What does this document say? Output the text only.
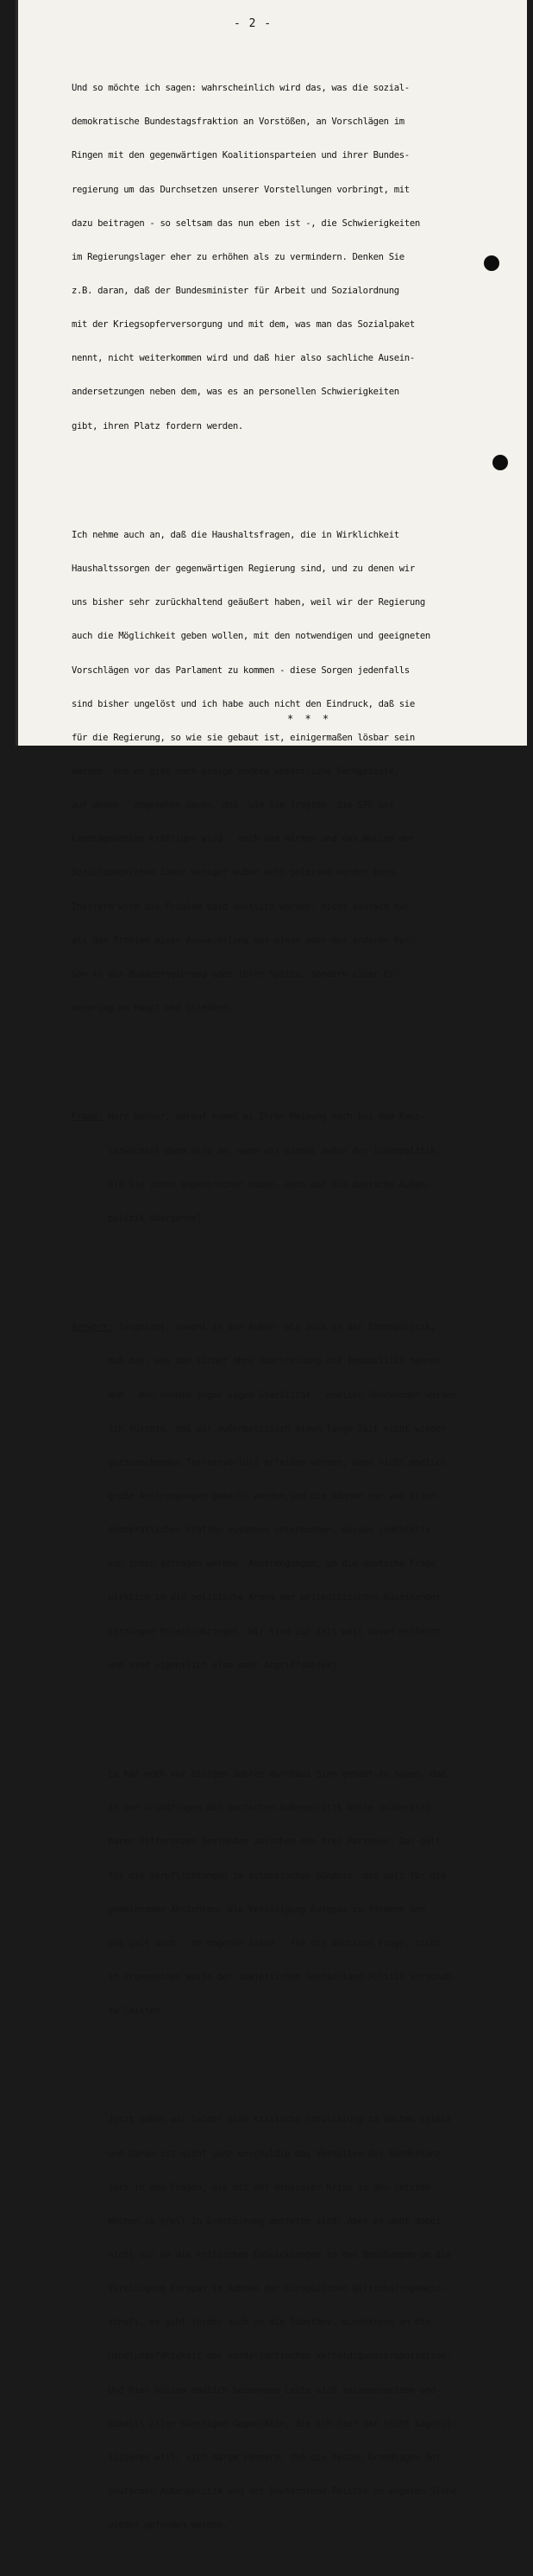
- 2 -

Und so möchte ich sagen: wahrscheinlich wird das, was die sozial-

demokratische Bundestagsfraktion an Vorstößen, an Vorschlägen im

Ringen mit den gegenwärtigen Koalitionsparteien und ihrer Bundes-

regierung um das Durchsetzen unserer Vorstellungen vorbringt, mit

dazu beitragen - so seltsam das nun eben ist -, die Schwierigkeiten

im Regierungslager eher zu erhöhen als zu vermindern. Denken Sie

z.B. daran, daß der Bundesminister für Arbeit und Sozialordnung

mit der Kriegsopferversorgung und mit dem, was man das Sozialpaket

nennt, nicht weiterkommen wird und daß hier also sachliche Ausein-

andersetzungen neben dem, was es an personellen Schwierigkeiten

gibt, ihren Platz fordern werden.

Ich nehme auch an, daß die Haushaltsfragen, die in Wirklichkeit

Haushaltssorgen der gegenwärtigen Regierung sind, und zu denen wir

uns bisher sehr zurückhaltend geäußert haben, weil wir der Regierung

auch die Möglichkeit geben wollen, mit den notwendigen und geeigneten

Vorschlägen vor das Parlament zu kommen - diese Sorgen jedenfalls

sind bisher ungelöst und ich habe auch nicht den Eindruck, daß sie

für die Regierung, so wie sie gebaut ist, einigermaßen lösbar sein

werden. Und es gibt noch einige andere wesentliche Sachgebiete,

auf denen - abgesehen davon, daß, wie Sie fragten, die SPD bei

Landtagswahlen kräftiger wird - auch das Wirken und das Wollen der

Sozialdemokraten immer weniger außer acht gelassen werden kann.

Insofern wird das Problem bald deutlich werden, nicht einfach nur

als das Problem einer Auswechslung der einen oder der anderen Per-

son in der Bundesregierung oder ihrer Spitze, sondern einer Er-

neuerung an Haupt und Gliedern.

Frage: Herr Wehner, worauf kommt es Ihrer Meinung nach bei dem Kanz-

lerwechsel dann also an, wenn wir einmal außer der Innenpolitik,

die Sie schon angesprochen haben, auch auf die deutsche Außen-

politik übergehen?

Antwort: Insgesamt, sowohl in der Außen- als auch in der Innenpolitik,

muß das, was man sicher ohne Übertreibung die Immobilität nennen

muß - man könnte sogar sagen Sterilität - endlich überwunden werden.

Ich fürchte, daß wir außenpolitisch einen lange Zeit nicht wieder

gutzumachenden Terrainverlust erleiden werden, wenn nicht endlich

große Anstrengungen gemacht werden,und die können nur von allen

demokratischen Kräften zusammen unternommen, müssen jedenfalls

von ihnen getragen werden. Anstrengungen, um die deutsche Frage

wirklich in die politische Arena der weltpolitischen Auseinander-

setzungen hineinzubringen. Wir sind zur Zeit weit davon entfernt

und sind eigentlich also mehr Angriffsobjekt.

Es hat noch vor einigen Jahren durchaus Sinn gehabt zu sagen, daß

in den Grundfragen der deutschen Außenpolitik keine unüberstei-

baren Differenzen bestünden zwischen den drei Parteien. Das galt

für die Verpflichtungen im atlantischen Bündnis, das galt für die

gemeinsamen Absichten, die Vereinigung Europas zu fördern und

das galt auch - im engeren Sinne - für die deutsche Frage, nicht

in irgendeiner Weise der sowjetischen Deutschland-Politik Vorschub

zu leisten.

Jetzt haben wir leider eine kritische Entwicklung im Westen selbst

und daran ist nicht ganz unschuldig das Verhalten des Bundeskanz-

lers in den Fragen, die mit der Brüsseler Krise in den letzten

Wochen so grell in Erscheinung getreten sind. Aber es geht dabei

nicht nur um die kritischen Entwicklungen in den Bemühungen um die

Vereinigung Europas im Rahmen der Europäischen Wirtschaftsgemein-

schaft, es geht leider auch an die Substanz, mindestens an die

Handlungsfähigkeit der nordatlantischen Verteidigungsorganisation.

Und hier müssen endlich besonnene Leute sich zusammensetzen und

abseits aller sonstigen Gegensätze, die ich hier gar nicht bagatel-

lisieren will, sich darum kümmern, daß die festen Grundlagen der

deutschen Außenpolitik und der Deutschland-Politik im engeren Sinne

wieder gefunden werden.

* * *
